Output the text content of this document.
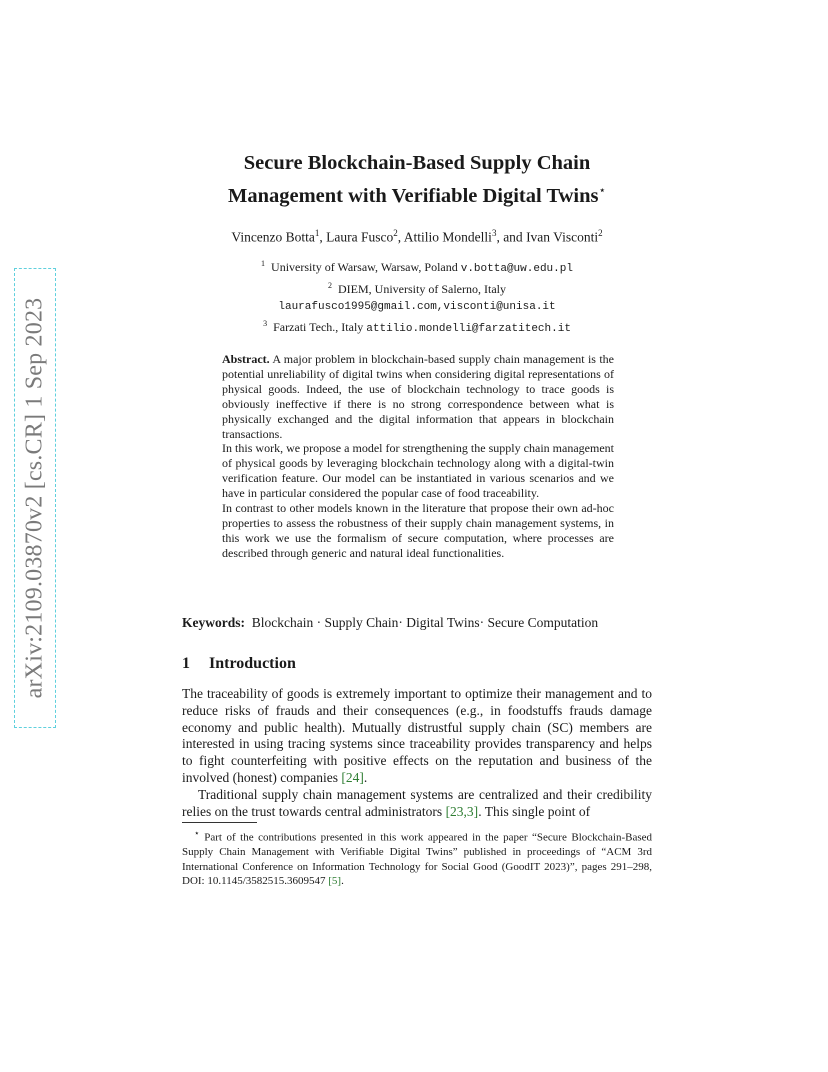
arXiv:2109.03870v2 [cs.CR] 1 Sep 2023
Secure Blockchain-Based Supply Chain
Management with Verifiable Digital Twins⋆
Vincenzo Botta$^1$, Laura Fusco$^2$, Attilio Mondelli$^3$, and Ivan Visconti$^2$
$^1$ University of Warsaw, Warsaw, Poland v.botta@uw.edu.pl
$^2$ DIEM, University of Salerno, Italy
laurafusco1995@gmail.com,visconti@unisa.it
$^3$ Farzati Tech., Italy attilio.mondelli@farzatitech.it

Abstract. A major problem in blockchain-based supply chain management is the potential unreliability of digital twins when considering digital representations of physical goods. Indeed, the use of blockchain technology to trace goods is obviously ineffective if there is no strong correspondence between what is physically exchanged and the digital information that appears in blockchain transactions.

In this work, we propose a model for strengthening the supply chain management of physical goods by leveraging blockchain technology along with a digital-twin verification feature. Our model can be instantiated in various scenarios and we have in particular considered the popular case of food traceability.

In contrast to other models known in the literature that propose their own ad-hoc properties to assess the robustness of their supply chain management systems, in this work we use the formalism of secure computation, where processes are described through generic and natural ideal functionalities.

Keywords: Blockchain · Supply Chain· Digital Twins· Secure Computation
1 Introduction

The traceability of goods is extremely important to optimize their management and to reduce risks of frauds and their consequences (e.g., in foodstuffs frauds damage economy and public health). Mutually distrustful supply chain (SC) members are interested in using tracing systems since traceability provides transparency and helps to fight counterfeiting with positive effects on the reputation and business of the involved (honest) companies [24].

Traditional supply chain management systems are centralized and their credibility relies on the trust towards central administrators [23,3]. This single point of

⋆ Part of the contributions presented in this work appeared in the paper “Secure Blockchain-Based Supply Chain Management with Verifiable Digital Twins” published in proceedings of “ACM 3rd International Conference on Information Technology for Social Good (GoodIT 2023)”, pages 291–298, DOI: 10.1145/3582515.3609547 [5].
